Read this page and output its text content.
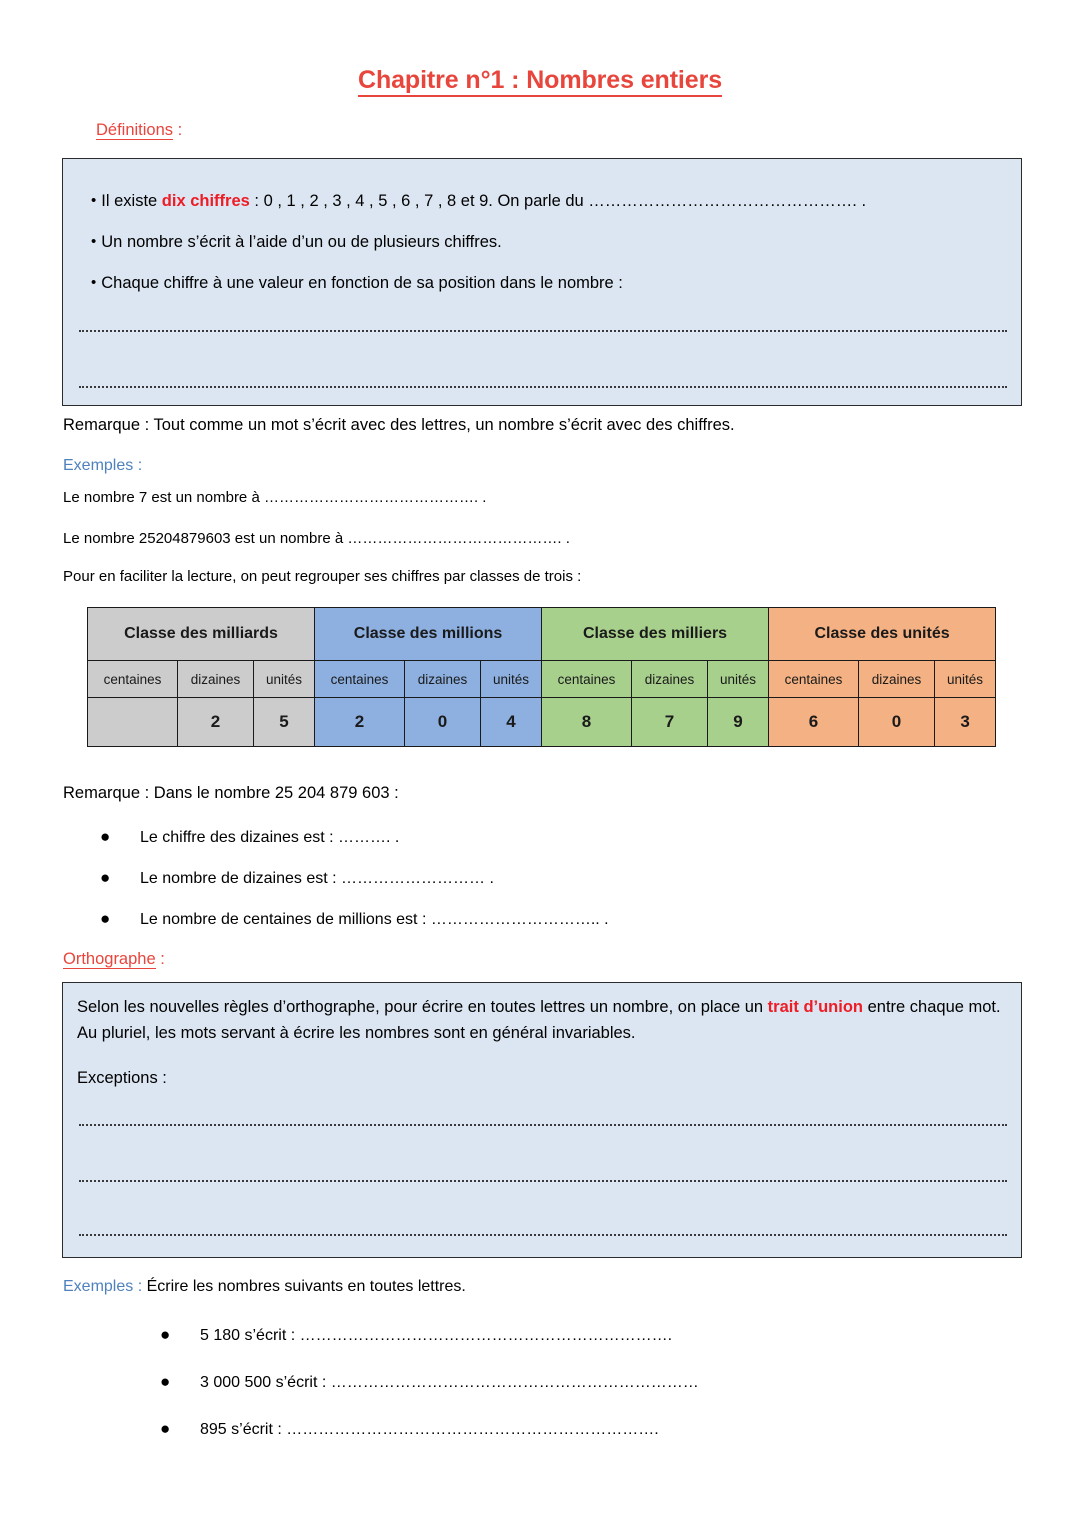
Chapitre n°1 : Nombres entiers
Définitions :
• Il existe dix chiffres : 0 , 1 , 2 , 3 , 4 , 5 , 6 , 7 , 8 et 9. On parle du …………………………………………. .
• Un nombre s’écrit à l’aide d’un ou de plusieurs chiffres.
• Chaque chiffre à une valeur en fonction de sa position dans le nombre :
Remarque : Tout comme un mot s’écrit avec des lettres, un nombre s’écrit avec des chiffres.
Exemples :
Le nombre 7 est un nombre à ……………………………………. .
Le nombre 25204879603 est un nombre à ……………………………………. .
Pour en faciliter la lecture, on peut regrouper ses chiffres par classes de trois :
Classe des milliards			Classe des millions			Classe des milliers			Classe des unités		
centaines	dizaines	unités	centaines	dizaines	unités	centaines	dizaines	unités	centaines	dizaines	unités
	2	5	2	0	4	8	7	9	6	0	3
Remarque : Dans le nombre 25 204 879 603 :
● Le chiffre des dizaines est : ………. .
● Le nombre de dizaines est : ……………………… .
● Le nombre de centaines de millions est : ………………………….. .
Orthographe :
Selon les nouvelles règles d’orthographe, pour écrire en toutes lettres un nombre, on place un trait d’union entre chaque mot. Au pluriel, les mots servant à écrire les nombres sont en général invariables.
Exceptions :
Exemples : Écrire les nombres suivants en toutes lettres.
● 5 180 s’écrit : …………………………………………………………….
● 3 000 500 s’écrit : ……………………………………………………………
● 895 s’écrit : …………………………………………………………….
